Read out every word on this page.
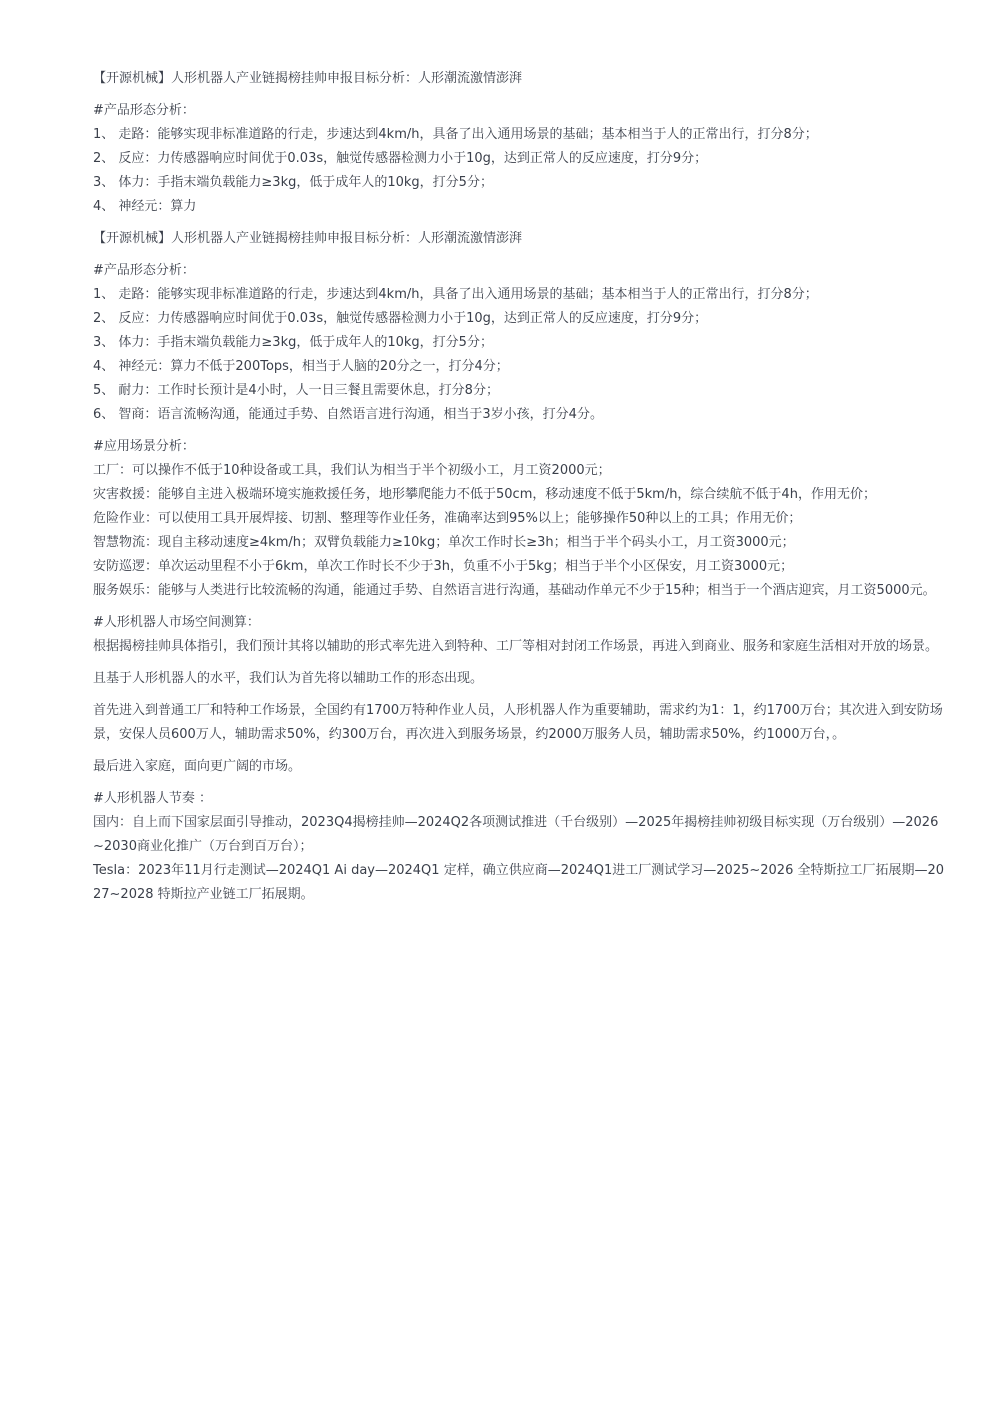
【开源机械】人形机器人产业链揭榜挂帅申报目标分析：人形潮流激情澎湃

#产品形态分析：

1、 走路：能够实现非标准道路的行走，步速达到4km/h，具备了出入通用场景的基础；基本相当于人的正常出行，打分8分；

2、 反应：力传感器响应时间优于0.03s，触觉传感器检测力小于10g，达到正常人的反应速度，打分9分；

3、 体力：手指末端负载能力≥3kg，低于成年人的10kg，打分5分；

4、 神经元：算力

【开源机械】人形机器人产业链揭榜挂帅申报目标分析：人形潮流激情澎湃

#产品形态分析：

1、 走路：能够实现非标准道路的行走，步速达到4km/h，具备了出入通用场景的基础；基本相当于人的正常出行，打分8分；

2、 反应：力传感器响应时间优于0.03s，触觉传感器检测力小于10g，达到正常人的反应速度，打分9分；

3、 体力：手指末端负载能力≥3kg，低于成年人的10kg，打分5分；

4、 神经元：算力不低于200Tops，相当于人脑的20分之一，打分4分；

5、 耐力：工作时长预计是4小时，人一日三餐且需要休息，打分8分；

6、 智商：语言流畅沟通，能通过手势、自然语言进行沟通，相当于3岁小孩，打分4分。

#应用场景分析：

工厂：可以操作不低于10种设备或工具，我们认为相当于半个初级小工，月工资2000元；

灾害救援：能够自主进入极端环境实施救援任务，地形攀爬能力不低于50cm，移动速度不低于5km/h，综合续航不低于4h，作用无价；

危险作业：可以使用工具开展焊接、切割、整理等作业任务，准确率达到95%以上；能够操作50种以上的工具；作用无价；

智慧物流：现自主移动速度≥4km/h；双臂负载能力≥10kg；单次工作时长≥3h；相当于半个码头小工，月工资3000元；

安防巡逻：单次运动里程不小于6km，单次工作时长不少于3h，负重不小于5kg；相当于半个小区保安，月工资3000元；

服务娱乐：能够与人类进行比较流畅的沟通，能通过手势、自然语言进行沟通，基础动作单元不少于15种；相当于一个酒店迎宾，月工资5000元。

#人形机器人市场空间测算：

根据揭榜挂帅具体指引，我们预计其将以辅助的形式率先进入到特种、工厂等相对封闭工作场景，再进入到商业、服务和家庭生活相对开放的场景。

且基于人形机器人的水平，我们认为首先将以辅助工作的形态出现。

首先进入到普通工厂和特种工作场景，全国约有1700万特种作业人员，人形机器人作为重要辅助，需求约为1：1，约1700万台；其次进入到安防场景，安保人员600万人，辅助需求50%，约300万台，再次进入到服务场景，约2000万服务人员，辅助需求50%，约1000万台，。

最后进入家庭，面向更广阔的市场。

#人形机器人节奏 ：

国内：自上而下国家层面引导推动，2023Q4揭榜挂帅—2024Q2各项测试推进（千台级别）—2025年揭榜挂帅初级目标实现（万台级别）—2026 ~2030商业化推广（万台到百万台）；

Tesla：2023年11月行走测试—2024Q1 Ai day—2024Q1 定样，确立供应商—2024Q1进工厂测试学习—2025~2026 全特斯拉工厂拓展期—2027~2028 特斯拉产业链工厂拓展期。
